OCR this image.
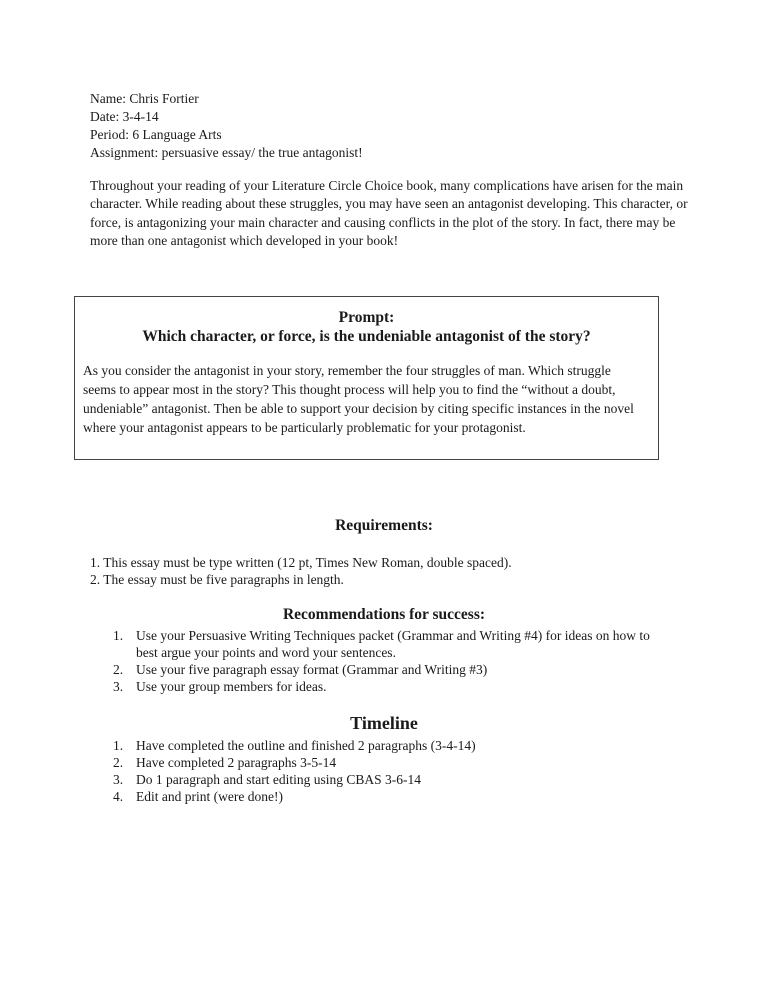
Name: Chris Fortier
Date: 3-4-14
Period: 6 Language Arts
Assignment: persuasive essay/ the true antagonist!
Throughout your reading of your Literature Circle Choice book, many complications have arisen for the main character. While reading about these struggles, you may have seen an antagonist developing. This character, or force, is antagonizing your main character and causing conflicts in the plot of the story. In fact, there may be more than one antagonist which developed in your book!
Prompt:
Which character, or force, is the undeniable antagonist of the story?
As you consider the antagonist in your story, remember the four struggles of man. Which struggle seems to appear most in the story? This thought process will help you to find the “without a doubt, undeniable” antagonist. Then be able to support your decision by citing specific instances in the novel where your antagonist appears to be particularly problematic for your protagonist.
Requirements:
1. This essay must be type written (12 pt, Times New Roman, double spaced).
2. The essay must be five paragraphs in length.
Recommendations for success:
1. Use your Persuasive Writing Techniques packet (Grammar and Writing #4) for ideas on how to best argue your points and word your sentences.
2. Use your five paragraph essay format (Grammar and Writing #3)
3. Use your group members for ideas.
Timeline
1. Have completed the outline and finished 2 paragraphs (3-4-14)
2. Have completed 2 paragraphs 3-5-14
3. Do 1 paragraph and start editing using CBAS 3-6-14
4. Edit and print (were done!)
